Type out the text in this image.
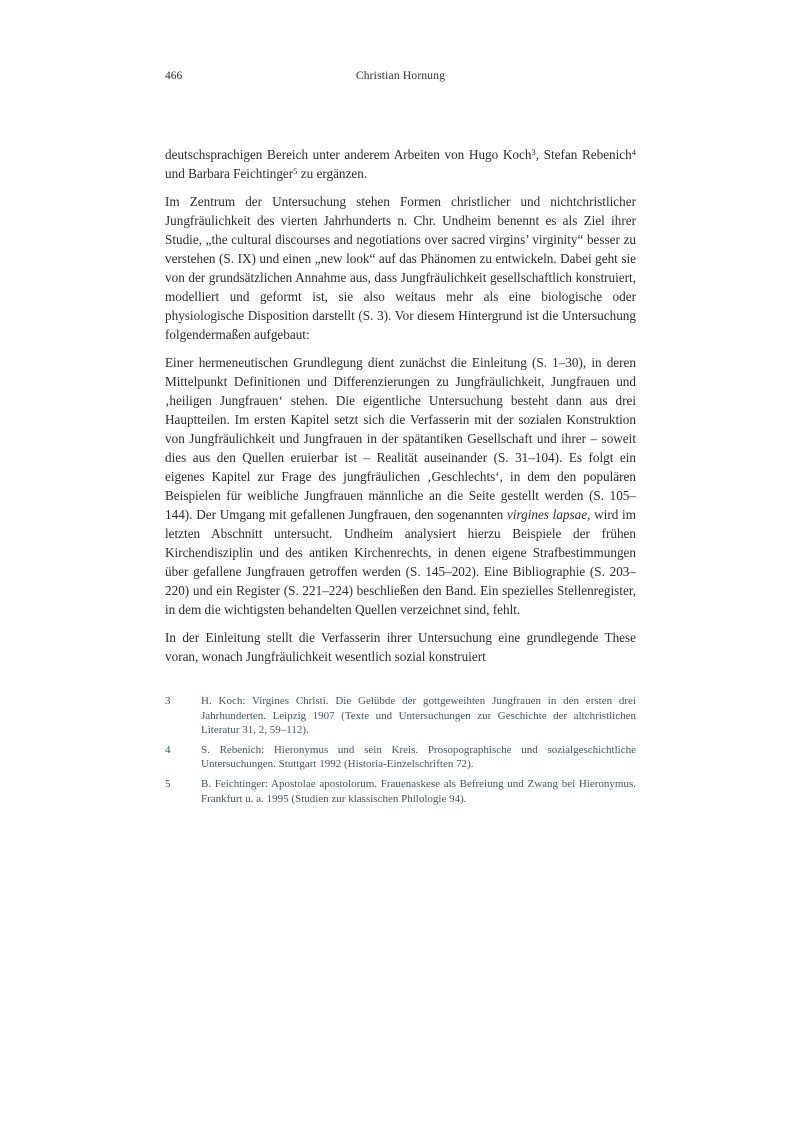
466	Christian Hornung

deutschsprachigen Bereich unter anderem Arbeiten von Hugo Koch$^3$, Stefan Rebenich$^4$ und Barbara Feichtinger$^5$ zu ergänzen.

Im Zentrum der Untersuchung stehen Formen christlicher und nichtchristlicher Jungfräulichkeit des vierten Jahrhunderts n. Chr. Undheim benennt es als Ziel ihrer Studie, „the cultural discourses and negotiations over sacred virgins’ virginity“ besser zu verstehen (S. IX) und einen „new look“ auf das Phänomen zu entwickeln. Dabei geht sie von der grundsätzlichen Annahme aus, dass Jungfräulichkeit gesellschaftlich konstruiert, modelliert und geformt ist, sie also weitaus mehr als eine biologische oder physiologische Disposition darstellt (S. 3). Vor diesem Hintergrund ist die Untersuchung folgendermaßen aufgebaut:

Einer hermeneutischen Grundlegung dient zunächst die Einleitung (S. 1–30), in deren Mittelpunkt Definitionen und Differenzierungen zu Jungfräulichkeit, Jungfrauen und ‚heiligen Jungfrauen‘ stehen. Die eigentliche Untersuchung besteht dann aus drei Hauptteilen. Im ersten Kapitel setzt sich die Verfasserin mit der sozialen Konstruktion von Jungfräulichkeit und Jungfrauen in der spätantiken Gesellschaft und ihrer – soweit dies aus den Quellen eruierbar ist – Realität auseinander (S. 31–104). Es folgt ein eigenes Kapitel zur Frage des jungfräulichen ‚Geschlechts‘, in dem den populären Beispielen für weibliche Jungfrauen männliche an die Seite gestellt werden (S. 105–144). Der Umgang mit gefallenen Jungfrauen, den sogenannten virgines lapsae, wird im letzten Abschnitt untersucht. Undheim analysiert hierzu Beispiele der frühen Kirchendisziplin und des antiken Kirchenrechts, in denen eigene Strafbestimmungen über gefallene Jungfrauen getroffen werden (S. 145–202). Eine Bibliographie (S. 203–220) und ein Register (S. 221–224) beschließen den Band. Ein spezielles Stellenregister, in dem die wichtigsten behandelten Quellen verzeichnet sind, fehlt.

In der Einleitung stellt die Verfasserin ihrer Untersuchung eine grundlegende These voran, wonach Jungfräulichkeit wesentlich sozial konstruiert

3	H. Koch: Virgines Christi. Die Gelübde der gottgeweihten Jungfrauen in den ersten drei Jahrhunderten. Leipzig 1907 (Texte und Untersuchungen zur Geschichte der altchristlichen Literatur 31, 2, 59–112).
4	S. Rebenich: Hieronymus und sein Kreis. Prosopographische und sozialgeschichtliche Untersuchungen. Stuttgart 1992 (Historia-Einzelschriften 72).
5	B. Feichtinger: Apostolae apostolorum. Frauenaskese als Befreiung und Zwang bei Hieronymus. Frankfurt u. a. 1995 (Studien zur klassischen Philologie 94).
